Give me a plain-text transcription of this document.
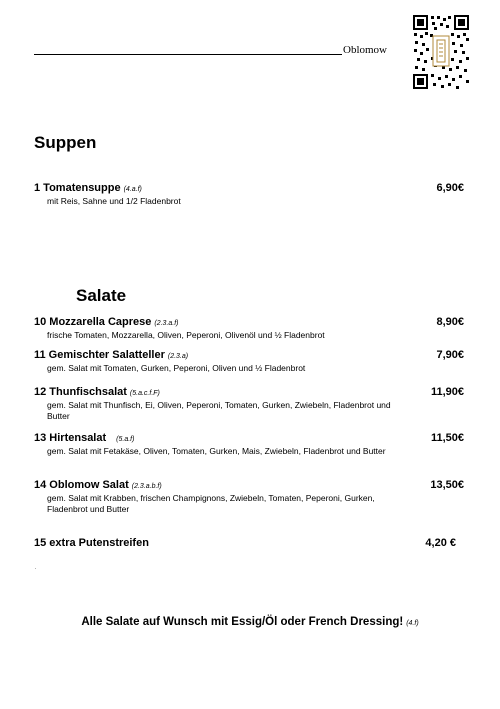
Oblomow
Suppen
1 Tomatensuppe (4.a.f)
mit Reis, Sahne und 1/2 Fladenbrot
6,90€
Salate
10 Mozzarella Caprese (2.3.a.f)
frische Tomaten, Mozzarella, Oliven, Peperoni, Olivenöl und ½ Fladenbrot
8,90€
11 Gemischter Salatteller (2.3.a)
gem. Salat mit Tomaten, Gurken, Peperoni, Oliven und ½ Fladenbrot
7,90€
12 Thunfischsalat (5.a.c.f.F)
gem. Salat mit Thunfisch, Ei, Oliven, Peperoni, Tomaten, Gurken, Zwiebeln, Fladenbrot und Butter
11,90€
13 Hirtensalat (5.a.f)
gem. Salat mit Fetakäse, Oliven, Tomaten, Gurken, Mais, Zwiebeln, Fladenbrot und Butter
11,50€
14 Oblomow Salat (2.3.a.b.f)
gem. Salat mit Krabben, frischen Champignons, Zwiebeln, Tomaten, Peperoni, Gurken, Fladenbrot und Butter
13,50€
15 extra Putenstreifen	4,20 €
.
Alle Salate auf Wunsch mit Essig/Öl oder French Dressing! (4.f)
